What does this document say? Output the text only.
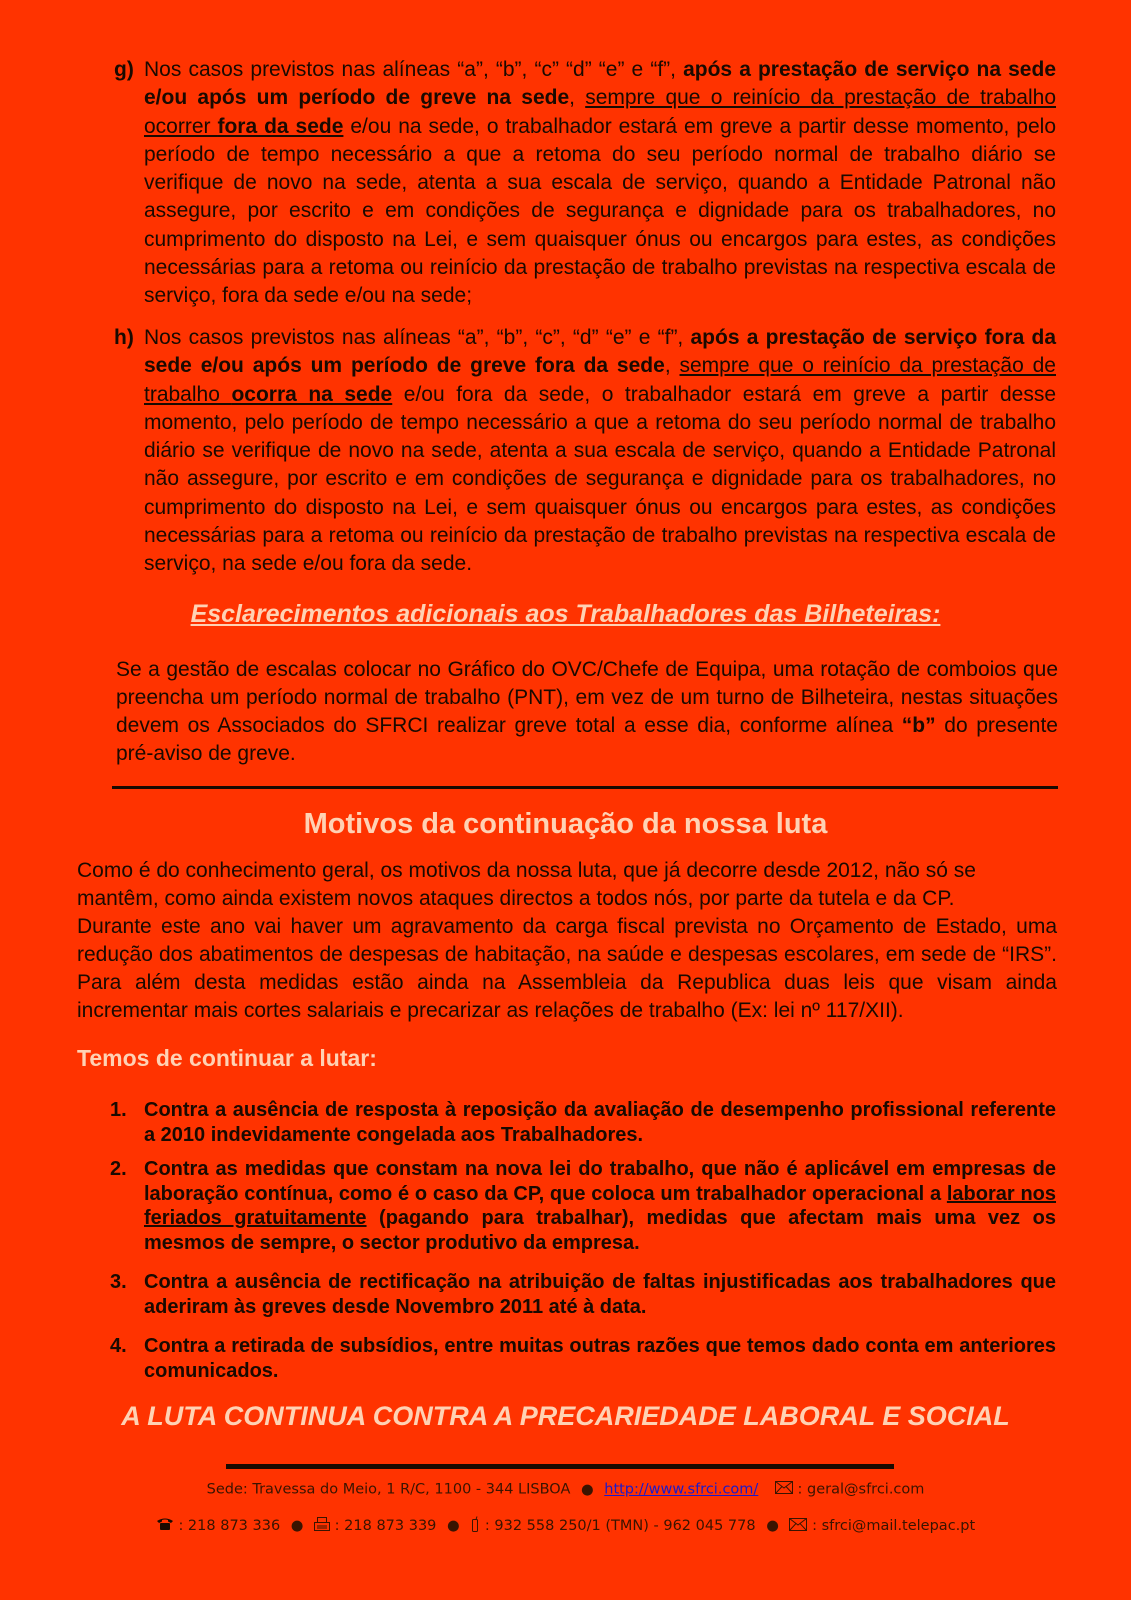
g) Nos casos previstos nas alíneas “a”, “b”, “c” “d” “e” e “f”, após a prestação de serviço na sede e/ou após um período de greve na sede, sempre que o reinício da prestação de trabalho ocorrer fora da sede e/ou na sede, o trabalhador estará em greve a partir desse momento, pelo período de tempo necessário a que a retoma do seu período normal de trabalho diário se verifique de novo na sede, atenta a sua escala de serviço, quando a Entidade Patronal não assegure, por escrito e em condições de segurança e dignidade para os trabalhadores, no cumprimento do disposto na Lei, e sem quaisquer ónus ou encargos para estes, as condições necessárias para a retoma ou reinício da prestação de trabalho previstas na respectiva escala de serviço, fora da sede e/ou na sede;

h) Nos casos previstos nas alíneas “a”, “b”, “c”, “d” “e” e “f”, após a prestação de serviço fora da sede e/ou após um período de greve fora da sede, sempre que o reinício da prestação de trabalho ocorra na sede e/ou fora da sede, o trabalhador estará em greve a partir desse momento, pelo período de tempo necessário a que a retoma do seu período normal de trabalho diário se verifique de novo na sede, atenta a sua escala de serviço, quando a Entidade Patronal não assegure, por escrito e em condições de segurança e dignidade para os trabalhadores, no cumprimento do disposto na Lei, e sem quaisquer ónus ou encargos para estes, as condições necessárias para a retoma ou reinício da prestação de trabalho previstas na respectiva escala de serviço, na sede e/ou fora da sede.

Esclarecimentos adicionais aos Trabalhadores das Bilheteiras:

Se a gestão de escalas colocar no Gráfico do OVC/Chefe de Equipa, uma rotação de comboios que preencha um período normal de trabalho (PNT), em vez de um turno de Bilheteira, nestas situações devem os Associados do SFRCI realizar greve total a esse dia, conforme alínea “b” do presente pré-aviso de greve.

Motivos da continuação da nossa luta

Como é do conhecimento geral, os motivos da nossa luta, que já decorre desde 2012, não só se mantêm, como ainda existem novos ataques directos a todos nós, por parte da tutela e da CP.

Durante este ano vai haver um agravamento da carga fiscal prevista no Orçamento de Estado, uma redução dos abatimentos de despesas de habitação, na saúde e despesas escolares, em sede de “IRS”. Para além desta medidas estão ainda na Assembleia da Republica duas leis que visam ainda incrementar mais cortes salariais e precarizar as relações de trabalho (Ex: lei nº 117/XII).

Temos de continuar a lutar:
1. Contra a ausência de resposta à reposição da avaliação de desempenho profissional referente a 2010 indevidamente congelada aos Trabalhadores.

2. Contra as medidas que constam na nova lei do trabalho, que não é aplicável em empresas de laboração contínua, como é o caso da CP, que coloca um trabalhador operacional a laborar nos feriados gratuitamente (pagando para trabalhar), medidas que afectam mais uma vez os mesmos de sempre, o sector produtivo da empresa.

3. Contra a ausência de rectificação na atribuição de faltas injustificadas aos trabalhadores que aderiram às greves desde Novembro 2011 até à data.

4. Contra a retirada de subsídios, entre muitas outras razões que temos dado conta em anteriores comunicados.

A LUTA CONTINUA CONTRA A PRECARIEDADE LABORAL E SOCIAL
Sede: Travessa do Meio, 1 R/C, 1100 - 344 LISBOA ● http://www.sfrci.com/	: geral@sfrci.com
: 218 873 336 ● : 218 873 339 ● : 932 558 250/1 (TMN) - 962 045 778 ● : sfrci@mail.telepac.pt
